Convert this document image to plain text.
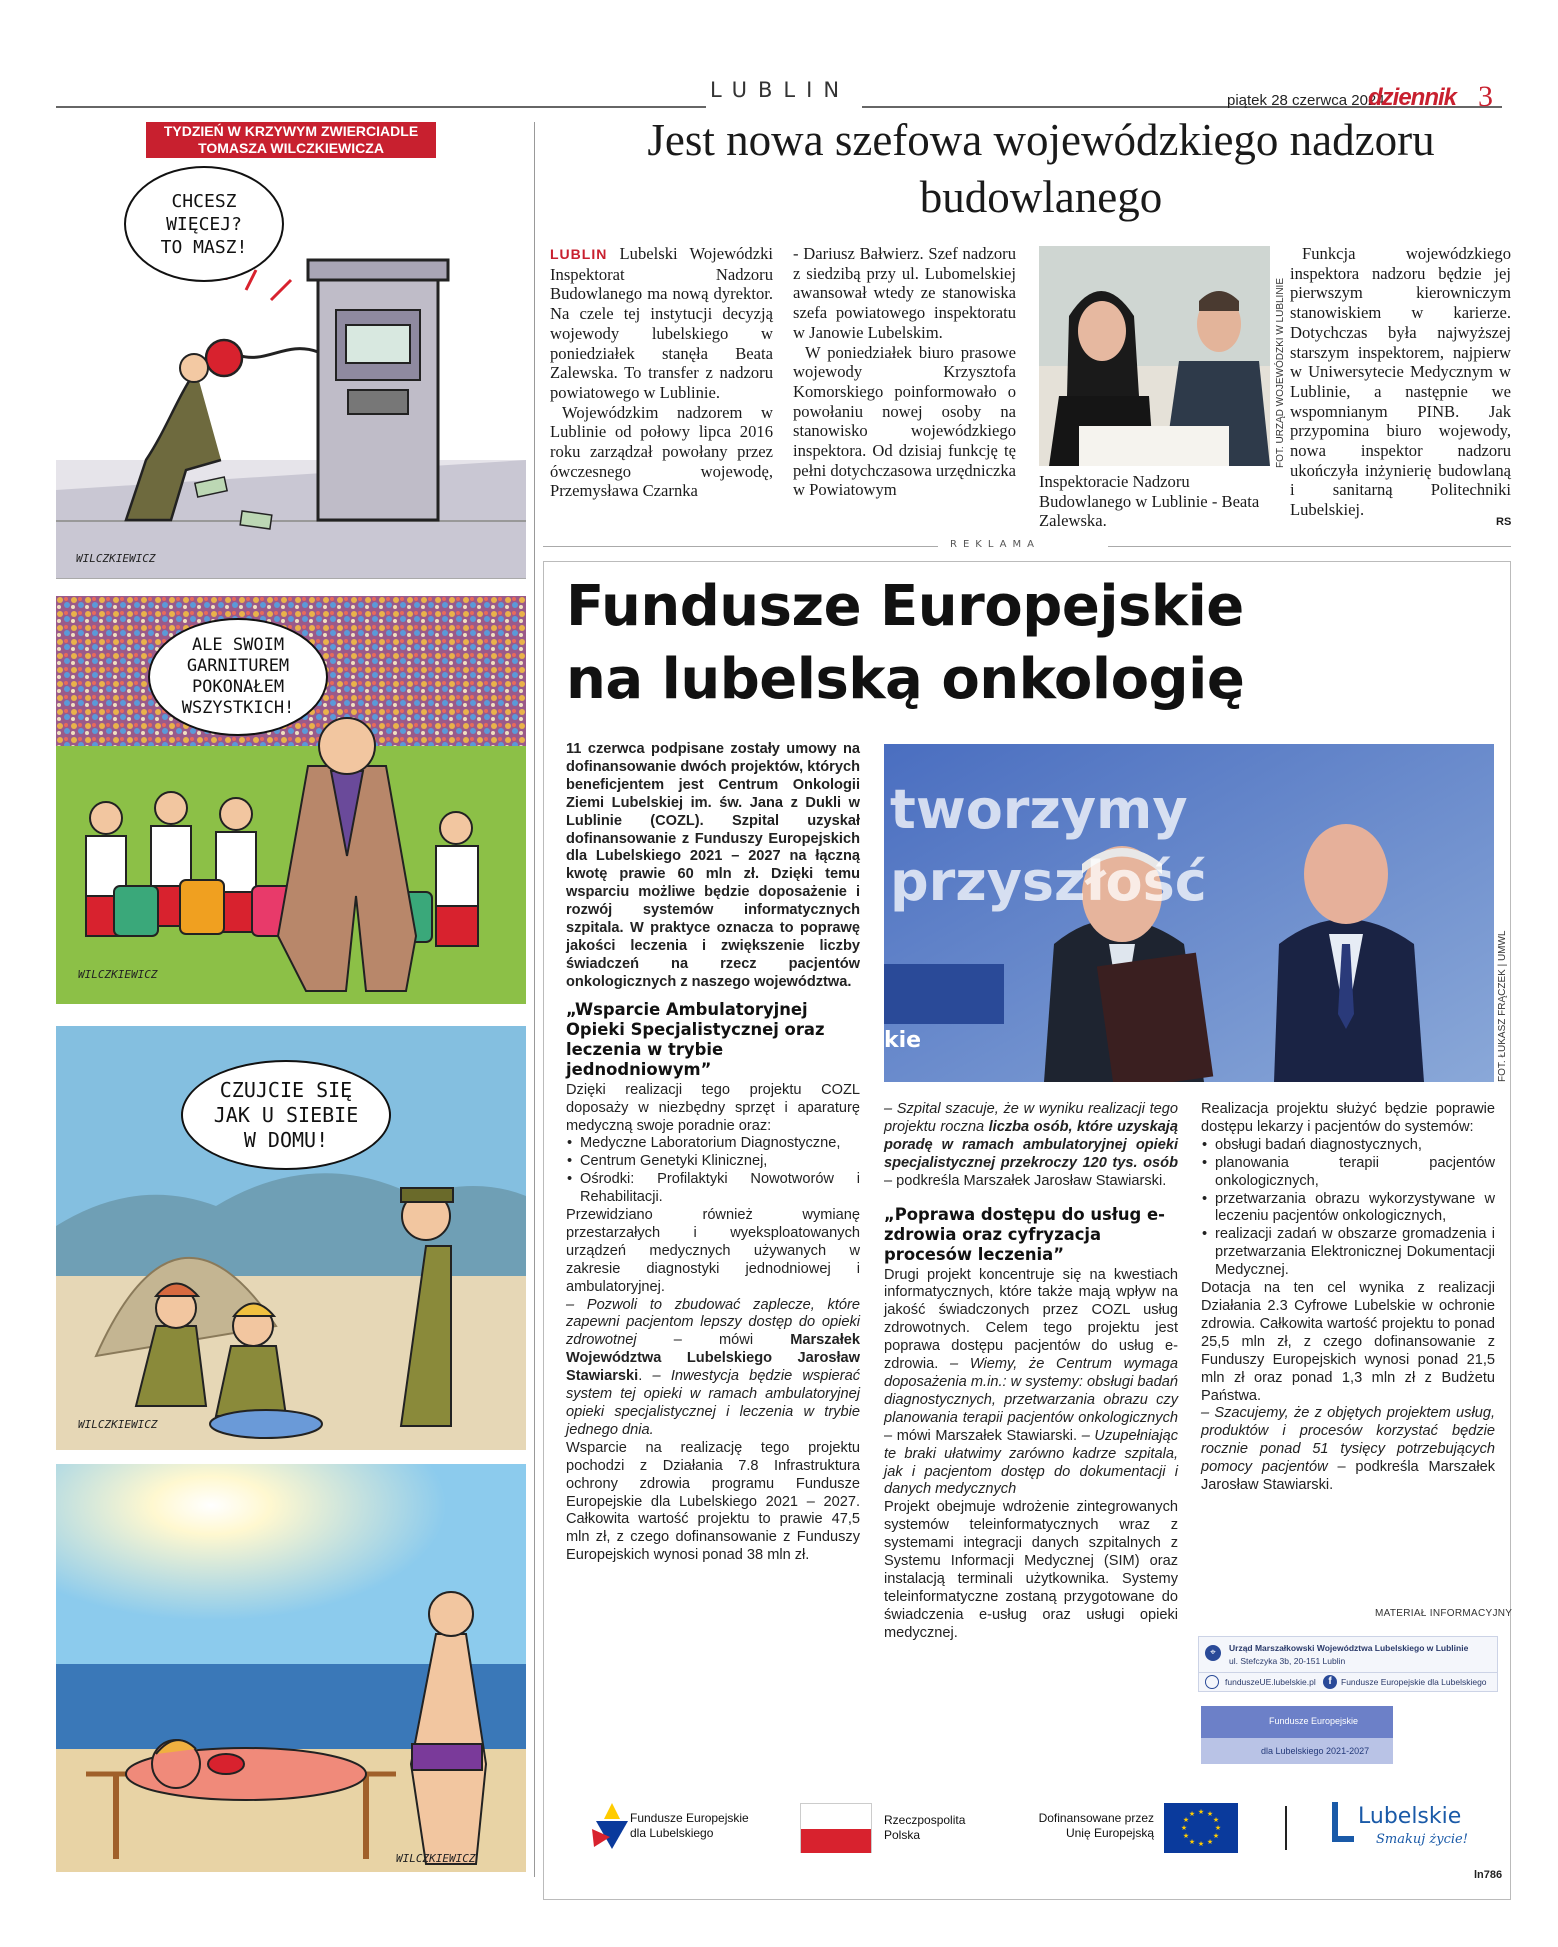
LUBLIN	piątek 28 czerwca 2024
dziennik 3
TYDZIEŃ W KRZYWYM ZWIERCIADLE
TOMASZA WILCZKIEWICZA
CHCESZ
WIĘCEJ?
TO MASZ!
WILCZKIEWICZ
ALE SWOIM
GARNITUREM
POKONAŁEM
WSZYSTKICH!
WILCZKIEWICZ
CZUJCIE SIĘ
JAK U SIEBIE
W DOMU!
WILCZKIEWICZ
WILCZKIEWICZ
Jest nowa szefowa wojewódzkiego nadzoru budowlanego

LUBLIN Lubelski Wojewódzki Inspektorat Nadzoru Budowlanego ma nową dyrektor. Na czele tej instytucji decyzją wojewody lubelskiego w poniedziałek stanęła Beata Zalewska. To transfer z nadzoru powiatowego w Lublinie.

Wojewódzkim nadzorem w Lublinie od połowy lipca 2016 roku zarządzał powołany przez ówczesnego wojewodę, Przemysława Czarnka

- Dariusz Bałwierz. Szef nadzoru z siedzibą przy ul. Lubomelskiej awansował wtedy ze stanowiska szefa powiatowego inspektoratu w Janowie Lubelskim.

W poniedziałek biuro prasowe wojewody Krzysztofa Komorskiego poinformowało o powołaniu nowej osoby na stanowisko wojewódzkiego inspektora. Od dzisiaj funkcję tę pełni dotychczasowa urzędniczka w Powiatowym

FOT. URZĄD WOJEWÓDZKI W LUBLINIE

Inspektoracie Nadzoru Budowlanego w Lublinie - Beata Zalewska.

Funkcja wojewódzkiego inspektora nadzoru będzie jej pierwszym kierowniczym stanowiskiem w karierze. Dotychczas była najwyższej starszym inspektorem, najpierw w Uniwersytecie Medycznym w Lublinie, a następnie we wspomnianym PINB. Jak przypomina biuro wojewody, nowa inspektor nadzoru ukończyła inżynierię budowlaną i sanitarną Politechniki Lubelskiej.

RS
REKLAMA
Fundusze Europejskie
na lubelską onkologię
tworzymy przyszłość
kie	FOT. ŁUKASZ FRĄCZEK | UMWL

11 czerwca podpisane zostały umowy na dofinansowanie dwóch projektów, których beneficjentem jest Centrum Onkologii Ziemi Lubelskiej im. św. Jana z Dukli w Lublinie (COZL). Szpital uzyskał dofinansowanie z Funduszy Europejskich dla Lubelskiego 2021 – 2027 na łączną kwotę prawie 60 mln zł. Dzięki temu wsparciu możliwe będzie doposażenie i rozwój systemów informatycznych szpitala. W praktyce oznacza to poprawę jakości leczenia i zwiększenie liczby świadczeń na rzecz pacjentów onkologicznych z naszego województwa.

„Wsparcie Ambulatoryjnej Opieki Specjalistycznej oraz leczenia w trybie jednodniowym”

Dzięki realizacji tego projektu COZL doposaży w niezbędny sprzęt i aparaturę medyczną swoje poradnie oraz:

• Medyczne Laboratorium Diagnostyczne,
• Centrum Genetyki Klinicznej,
• Ośrodki: Profilaktyki Nowotworów i Rehabilitacji.

Przewidziano również wymianę przestarzałych i wyeksploatowanych urządzeń medycznych używanych w zakresie diagnostyki jednodniowej i ambulatoryjnej.

– Pozwoli to zbudować zaplecze, które zapewni pacjentom lepszy dostęp do opieki zdrowotnej – mówi Marszałek Województwa Lubelskiego Jarosław Stawiarski. – Inwestycja będzie wspierać system tej opieki w ramach ambulatoryjnej opieki specjalistycznej i leczenia w trybie jednego dnia.

Wsparcie na realizację tego projektu pochodzi z Działania 7.8 Infrastruktura ochrony zdrowia programu Fundusze Europejskie dla Lubelskiego 2021 – 2027. Całkowita wartość projektu to prawie 47,5 mln zł, z czego dofinansowanie z Funduszy Europejskich wynosi ponad 38 mln zł.

– Szpital szacuje, że w wyniku realizacji tego projektu roczna liczba osób, które uzyskają poradę w ramach ambulatoryjnej opieki specjalistycznej przekroczy 120 tys. osób – podkreśla Marszałek Jarosław Stawiarski.

„Poprawa dostępu do usług e-zdrowia oraz cyfryzacja procesów leczenia”

Drugi projekt koncentruje się na kwestiach informatycznych, które także mają wpływ na jakość świadczonych przez COZL usług zdrowotnych. Celem tego projektu jest poprawa dostępu pacjentów do usług e-zdrowia. – Wiemy, że Centrum wymaga doposażenia m.in.: w systemy: obsługi badań diagnostycznych, przetwarzania obrazu czy planowania terapii pacjentów onkologicznych – mówi Marszałek Stawiarski. – Uzupełniając te braki ułatwimy zarówno kadrze szpitala, jak i pacjentom dostęp do dokumentacji i danych medycznych

Projekt obejmuje wdrożenie zintegrowanych systemów teleinformatycznych wraz z systemami integracji danych szpitalnych z Systemu Informacji Medycznej (SIM) oraz instalacją terminali użytkownika. Systemy teleinformatyczne zostaną przygotowane do świadczenia e-usług oraz usługi opieki medycznej.

Realizacja projektu służyć będzie poprawie dostępu lekarzy i pacjentów do systemów:

• obsługi badań diagnostycznych,
• planowania terapii pacjentów onkologicznych,
• przetwarzania obrazu wykorzystywane w leczeniu pacjentów onkologicznych,
• realizacji zadań w obszarze gromadzenia i przetwarzania Elektronicznej Dokumentacji Medycznej.

Dotacja na ten cel wynika z realizacji Działania 2.3 Cyfrowe Lubelskie w ochronie zdrowia. Całkowita wartość projektu to ponad 25,5 mln zł, z czego dofinansowanie z Funduszy Europejskich wynosi ponad 21,5 mln zł oraz ponad 1,3 mln zł z Budżetu Państwa.

– Szacujemy, że z objętych projektem usług, produktów i procesów korzystać będzie rocznie ponad 51 tysięcy potrzebujących pomocy pacjentów – podkreśla Marszałek Jarosław Stawiarski.

MATERIAŁ INFORMACYJNY
⌖	Urząd Marszałkowski Województwa Lubelskiego w Lublinie
ul. Stefczyka 3b, 20-151 Lublin
funduszeUE.lubelskie.pl	f	Fundusze Europejskie dla Lubelskiego
Fundusze Europejskie
dla Lubelskiego 2021-2027
Fundusze Europejskie
dla Lubelskiego
Rzeczpospolita
Polska
Dofinansowane przez
Unię Europejską
★ ★
★
★
★
★
★
★
★
★
★
★	Lubelskie
Smakuj życie!
ln786
